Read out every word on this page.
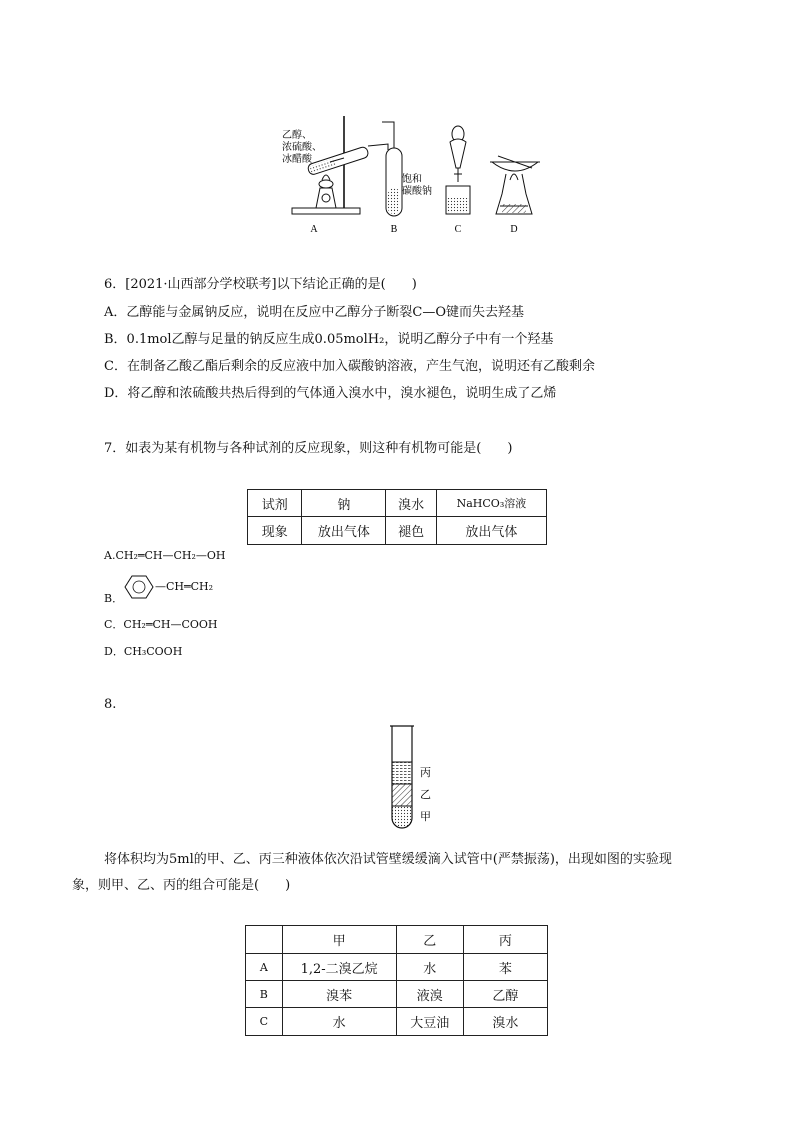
A	B	C	D
乙醇、
浓硫酸、
冰醋酸
饱和
碳酸钠
6．[2021·山西部分学校联考]以下结论正确的是(　　)
A．乙醇能与金属钠反应，说明在反应中乙醇分子断裂C—O键而失去羟基
B．0.1mol乙醇与足量的钠反应生成0.05molH₂，说明乙醇分子中有一个羟基
C．在制备乙酸乙酯后剩余的反应液中加入碳酸钠溶液，产生气泡，说明还有乙酸剩余
D．将乙醇和浓硫酸共热后得到的气体通入溴水中，溴水褪色，说明生成了乙烯
7．如表为某有机物与各种试剂的反应现象，则这种有机物可能是(　　)
试剂	钠	溴水	NaHCO₃溶液
现象	放出气体	褪色	放出气体
A.CH₂═CH—CH₂—OH
B．
—CH═CH₂
C．CH₂═CH—COOH
D．CH₃COOH
8.
丙
乙
甲
将体积均为5ml的甲、乙、丙三种液体依次沿试管壁缓缓滴入试管中(严禁振荡)，出现如图的实验现
象，则甲、乙、丙的组合可能是(　　)
	甲	乙	丙
A	1,2-二溴乙烷	水	苯
B	溴苯	液溴	乙醇
C	水	大豆油	溴水
